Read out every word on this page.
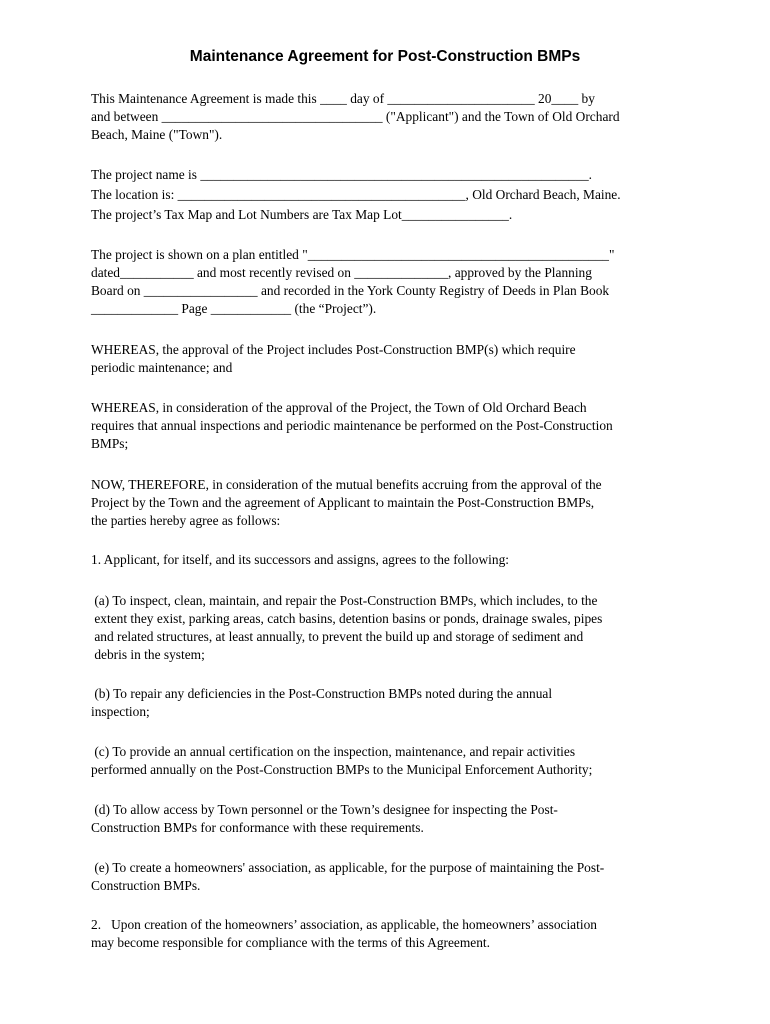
Maintenance Agreement for Post-Construction BMPs
This Maintenance Agreement is made this ____ day of ______________________ 20____ by
and between _________________________________ ("Applicant") and the Town of Old Orchard
Beach, Maine ("Town").
The project name is __________________________________________________________.
The location is: ___________________________________________, Old Orchard Beach, Maine.
The project’s Tax Map and Lot Numbers are Tax Map Lot________________.
The project is shown on a plan entitled "_____________________________________________"
dated___________ and most recently revised on ______________, approved by the Planning
Board on _________________ and recorded in the York County Registry of Deeds in Plan Book
_____________ Page ____________ (the “Project”).
WHEREAS, the approval of the Project includes Post-Construction BMP(s) which require
periodic maintenance; and
WHEREAS, in consideration of the approval of the Project, the Town of Old Orchard Beach
requires that annual inspections and periodic maintenance be performed on the Post-Construction
BMPs;
NOW, THEREFORE, in consideration of the mutual benefits accruing from the approval of the
Project by the Town and the agreement of Applicant to maintain the Post-Construction BMPs,
the parties hereby agree as follows:
1. Applicant, for itself, and its successors and assigns, agrees to the following:
(a) To inspect, clean, maintain, and repair the Post-Construction BMPs, which includes, to the
extent they exist, parking areas, catch basins, detention basins or ponds, drainage swales, pipes
and related structures, at least annually, to prevent the build up and storage of sediment and
debris in the system;
(b) To repair any deficiencies in the Post-Construction BMPs noted during the annual
inspection;
(c) To provide an annual certification on the inspection, maintenance, and repair activities
performed annually on the Post-Construction BMPs to the Municipal Enforcement Authority;
(d) To allow access by Town personnel or the Town’s designee for inspecting the Post-
Construction BMPs for conformance with these requirements.
(e) To create a homeowners' association, as applicable, for the purpose of maintaining the Post-
Construction BMPs.
2.   Upon creation of the homeowners’ association, as applicable, the homeowners’ association
may become responsible for compliance with the terms of this Agreement.
